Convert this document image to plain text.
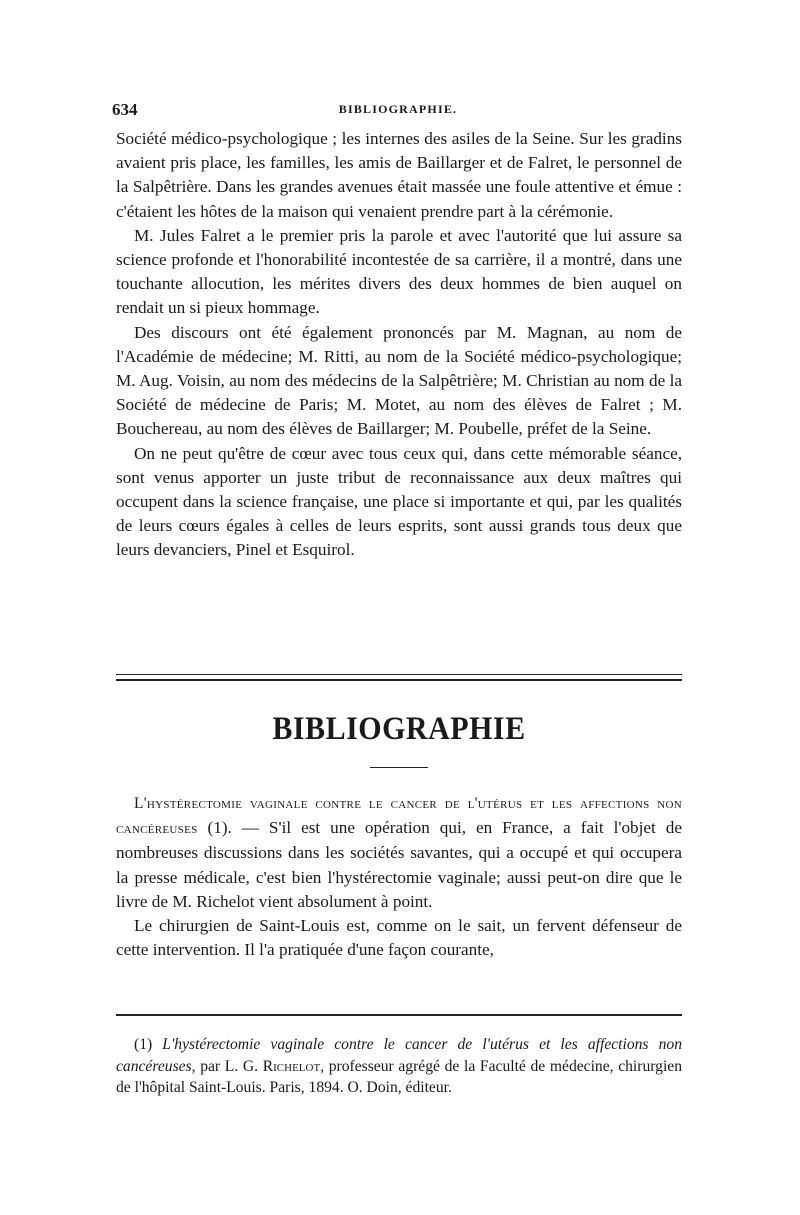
634	BIBLIOGRAPHIE.

Société médico-psychologique ; les internes des asiles de la Seine. Sur les gradins avaient pris place, les familles, les amis de Baillarger et de Falret, le personnel de la Salpêtrière. Dans les grandes avenues était massée une foule attentive et émue : c'étaient les hôtes de la maison qui venaient prendre part à la cérémonie.

M. Jules Falret a le premier pris la parole et avec l'autorité que lui assure sa science profonde et l'honorabilité incontestée de sa carrière, il a montré, dans une touchante allocution, les mérites divers des deux hommes de bien auquel on rendait un si pieux hommage.

Des discours ont été également prononcés par M. Magnan, au nom de l'Académie de médecine; M. Ritti, au nom de la Société médico-psychologique; M. Aug. Voisin, au nom des médecins de la Salpêtrière; M. Christian au nom de la Société de médecine de Paris; M. Motet, au nom des élèves de Falret ; M. Bouchereau, au nom des élèves de Baillarger; M. Poubelle, préfet de la Seine.

On ne peut qu'être de cœur avec tous ceux qui, dans cette mémorable séance, sont venus apporter un juste tribut de reconnaissance aux deux maîtres qui occupent dans la science française, une place si importante et qui, par les qualités de leurs cœurs égales à celles de leurs esprits, sont aussi grands tous deux que leurs devanciers, Pinel et Esquirol.

BIBLIOGRAPHIE

L'hystérectomie vaginale contre le cancer de l'utérus et les affections non cancéreuses (1). — S'il est une opération qui, en France, a fait l'objet de nombreuses discussions dans les sociétés savantes, qui a occupé et qui occupera la presse médicale, c'est bien l'hystérectomie vaginale; aussi peut-on dire que le livre de M. Richelot vient absolument à point.

Le chirurgien de Saint-Louis est, comme on le sait, un fervent défenseur de cette intervention. Il l'a pratiquée d'une façon courante,

(1) L'hystérectomie vaginale contre le cancer de l'utérus et les affections non cancéreuses, par L. G. Richelot, professeur agrégé de la Faculté de médecine, chirurgien de l'hôpital Saint-Louis. Paris, 1894. O. Doin, éditeur.
